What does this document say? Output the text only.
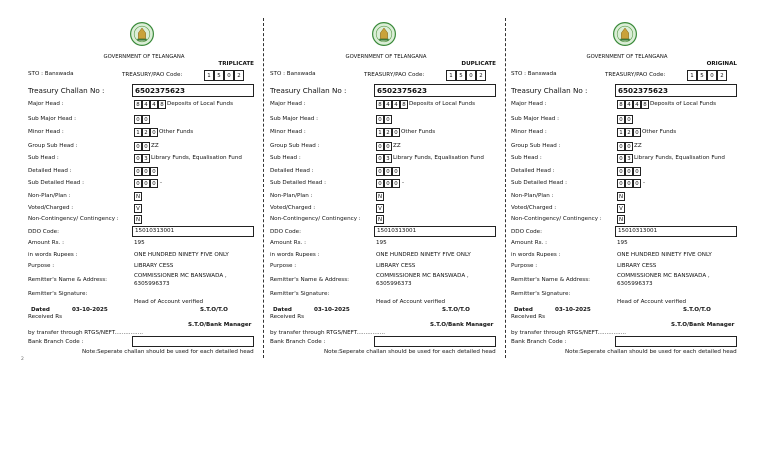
GOVERNMENT OF TELANGANA
TRIPLICATE
STO : Banswada	TREASURY/PAO Code:	1	5	0	2
Treasury Challan No :	6502375623
Major Head :	8 4 4 8 Deposits of Local Funds
Sub Major Head :	0 0
Minor Head :	1 2 0 Other Funds
Group Sub Head :	0 0 ZZ
Sub Head :	0 3 Library Funds, Equalisation Fund
Detailed Head :	0 0 0
Sub Detailed Head :	0 0 0 -
Non-Plan/Plan :	N
Voted/Charged :	V
Non-Contingency/ Contingency :	N
DDO Code:	15010313001
Amount Rs. :	195
in words Rupees :	ONE HUNDRED NINETY FIVE ONLY
Purpose :	LIBRARY CESS
Remitter's Name & Address:
COMMISSIONER MC BANSWADA ,
6305996373
Remitter's Signature:
Head of Account verified
Dated	03-10-2025	S.T.O/T.O
Received Rs
S.T.O/Bank Manager
by transfer through RTGS/NEFT................
Bank Branch Code :
Note:Seperate challan should be used for each detailed head
GOVERNMENT OF TELANGANA
DUPLICATE
STO : Banswada	TREASURY/PAO Code:	1	5	0	2
Treasury Challan No :	6502375623
Major Head :	8 4 4 8 Deposits of Local Funds
Sub Major Head :	0 0
Minor Head :	1 2 0 Other Funds
Group Sub Head :	0 0 ZZ
Sub Head :	0 3 Library Funds, Equalisation Fund
Detailed Head :	0 0 0
Sub Detailed Head :	0 0 0 -
Non-Plan/Plan :	N
Voted/Charged :	V
Non-Contingency/ Contingency :	N
DDO Code:	15010313001
Amount Rs. :	195
in words Rupees :	ONE HUNDRED NINETY FIVE ONLY
Purpose :	LIBRARY CESS
Remitter's Name & Address:
COMMISSIONER MC BANSWADA ,
6305996373
Remitter's Signature:
Head of Account verified
Dated	03-10-2025	S.T.O/T.O
Received Rs
S.T.O/Bank Manager
by transfer through RTGS/NEFT................
Bank Branch Code :
Note:Seperate challan should be used for each detailed head
GOVERNMENT OF TELANGANA
ORIGINAL
STO : Banswada	TREASURY/PAO Code:	1	5	0	2
Treasury Challan No :	6502375623
Major Head :	8 4 4 8 Deposits of Local Funds
Sub Major Head :	0 0
Minor Head :	1 2 0 Other Funds
Group Sub Head :	0 0 ZZ
Sub Head :	0 3 Library Funds, Equalisation Fund
Detailed Head :	0 0 0
Sub Detailed Head :	0 0 0 -
Non-Plan/Plan :	N
Voted/Charged :	V
Non-Contingency/ Contingency :	N
DDO Code:	15010313001
Amount Rs. :	195
in words Rupees :	ONE HUNDRED NINETY FIVE ONLY
Purpose :	LIBRARY CESS
Remitter's Name & Address:
COMMISSIONER MC BANSWADA ,
6305996373
Remitter's Signature:
Head of Account verified
Dated	03-10-2025	S.T.O/T.O
Received Rs
S.T.O/Bank Manager
by transfer through RTGS/NEFT................
Bank Branch Code :
Note:Seperate challan should be used for each detailed head
2
